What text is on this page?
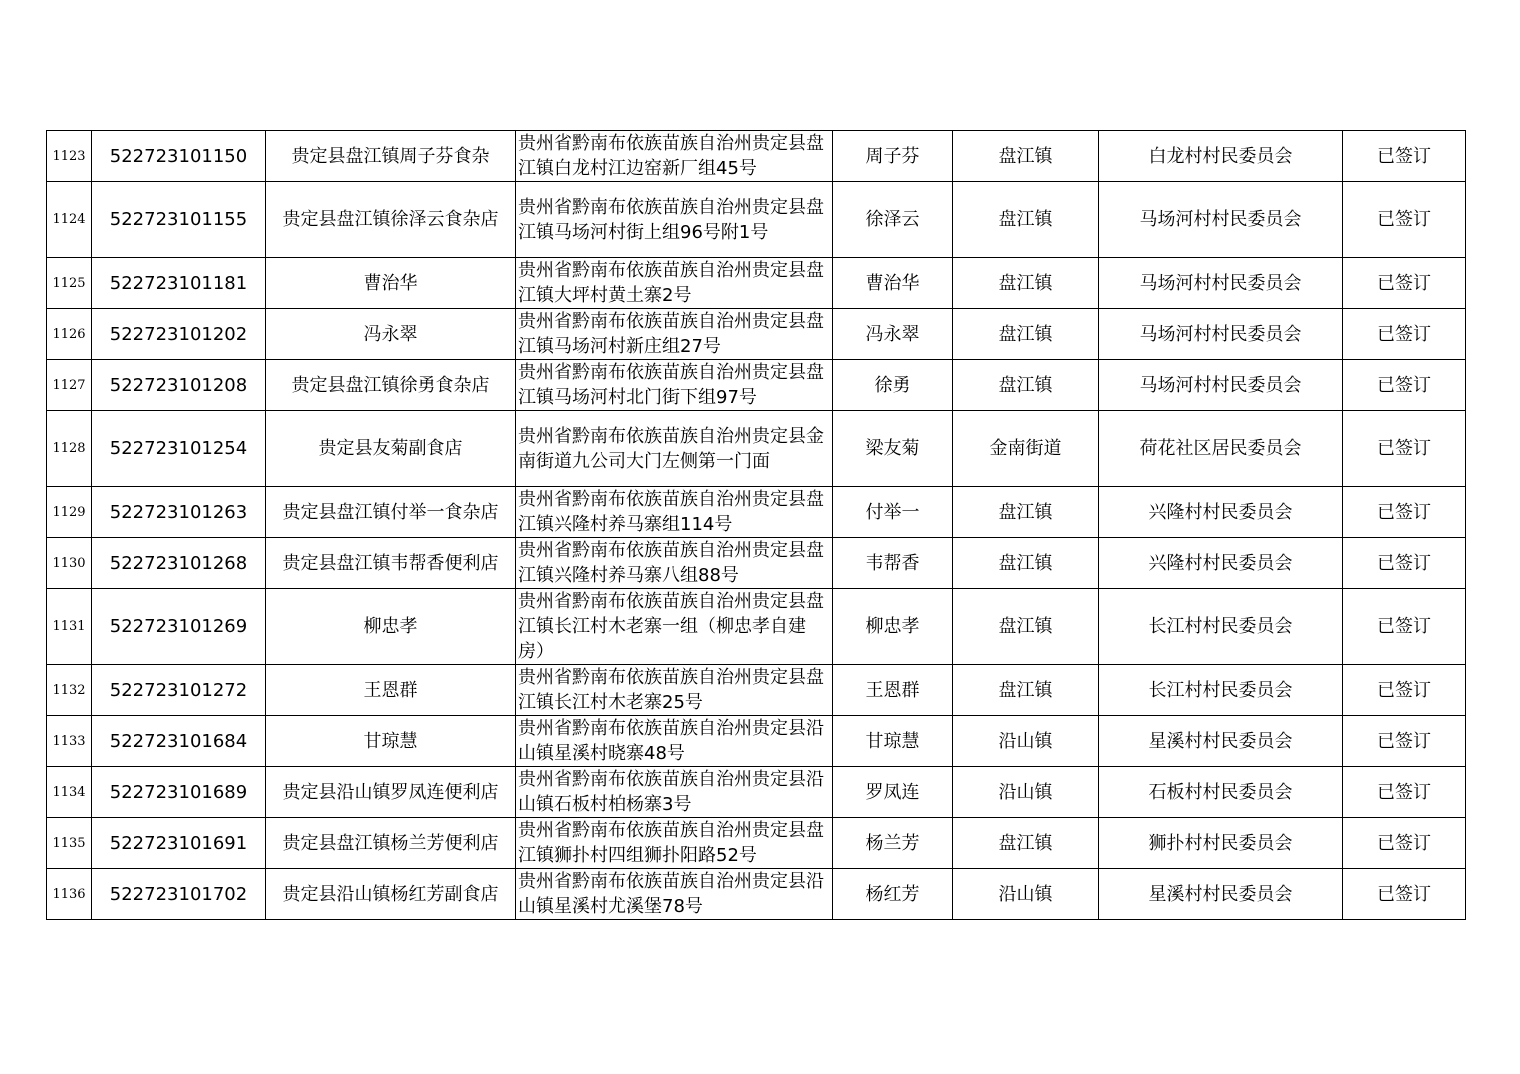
1123	522723101150	贵定县盘江镇周子芬食杂	贵州省黔南布依族苗族自治州贵定县盘江镇白龙村江边窑新厂组45号	周子芬	盘江镇	白龙村村民委员会	已签订
1124	522723101155	贵定县盘江镇徐泽云食杂店	贵州省黔南布依族苗族自治州贵定县盘江镇马场河村街上组96号附1号	徐泽云	盘江镇	马场河村村民委员会	已签订
1125	522723101181	曹治华	贵州省黔南布依族苗族自治州贵定县盘江镇大坪村黄土寨2号	曹治华	盘江镇	马场河村村民委员会	已签订
1126	522723101202	冯永翠	贵州省黔南布依族苗族自治州贵定县盘江镇马场河村新庄组27号	冯永翠	盘江镇	马场河村村民委员会	已签订
1127	522723101208	贵定县盘江镇徐勇食杂店	贵州省黔南布依族苗族自治州贵定县盘江镇马场河村北门街下组97号	徐勇	盘江镇	马场河村村民委员会	已签订
1128	522723101254	贵定县友菊副食店	贵州省黔南布依族苗族自治州贵定县金南街道九公司大门左侧第一门面	梁友菊	金南街道	荷花社区居民委员会	已签订
1129	522723101263	贵定县盘江镇付举一食杂店	贵州省黔南布依族苗族自治州贵定县盘江镇兴隆村养马寨组114号	付举一	盘江镇	兴隆村村民委员会	已签订
1130	522723101268	贵定县盘江镇韦帮香便利店	贵州省黔南布依族苗族自治州贵定县盘江镇兴隆村养马寨八组88号	韦帮香	盘江镇	兴隆村村民委员会	已签订
1131	522723101269	柳忠孝	贵州省黔南布依族苗族自治州贵定县盘江镇长江村木老寨一组（柳忠孝自建房）	柳忠孝	盘江镇	长江村村民委员会	已签订
1132	522723101272	王恩群	贵州省黔南布依族苗族自治州贵定县盘江镇长江村木老寨25号	王恩群	盘江镇	长江村村民委员会	已签订
1133	522723101684	甘琼慧	贵州省黔南布依族苗族自治州贵定县沿山镇星溪村晓寨48号	甘琼慧	沿山镇	星溪村村民委员会	已签订
1134	522723101689	贵定县沿山镇罗凤连便利店	贵州省黔南布依族苗族自治州贵定县沿山镇石板村柏杨寨3号	罗凤连	沿山镇	石板村村民委员会	已签订
1135	522723101691	贵定县盘江镇杨兰芳便利店	贵州省黔南布依族苗族自治州贵定县盘江镇狮扑村四组狮扑阳路52号	杨兰芳	盘江镇	狮扑村村民委员会	已签订
1136	522723101702	贵定县沿山镇杨红芳副食店	贵州省黔南布依族苗族自治州贵定县沿山镇星溪村尤溪堡78号	杨红芳	沿山镇	星溪村村民委员会	已签订
